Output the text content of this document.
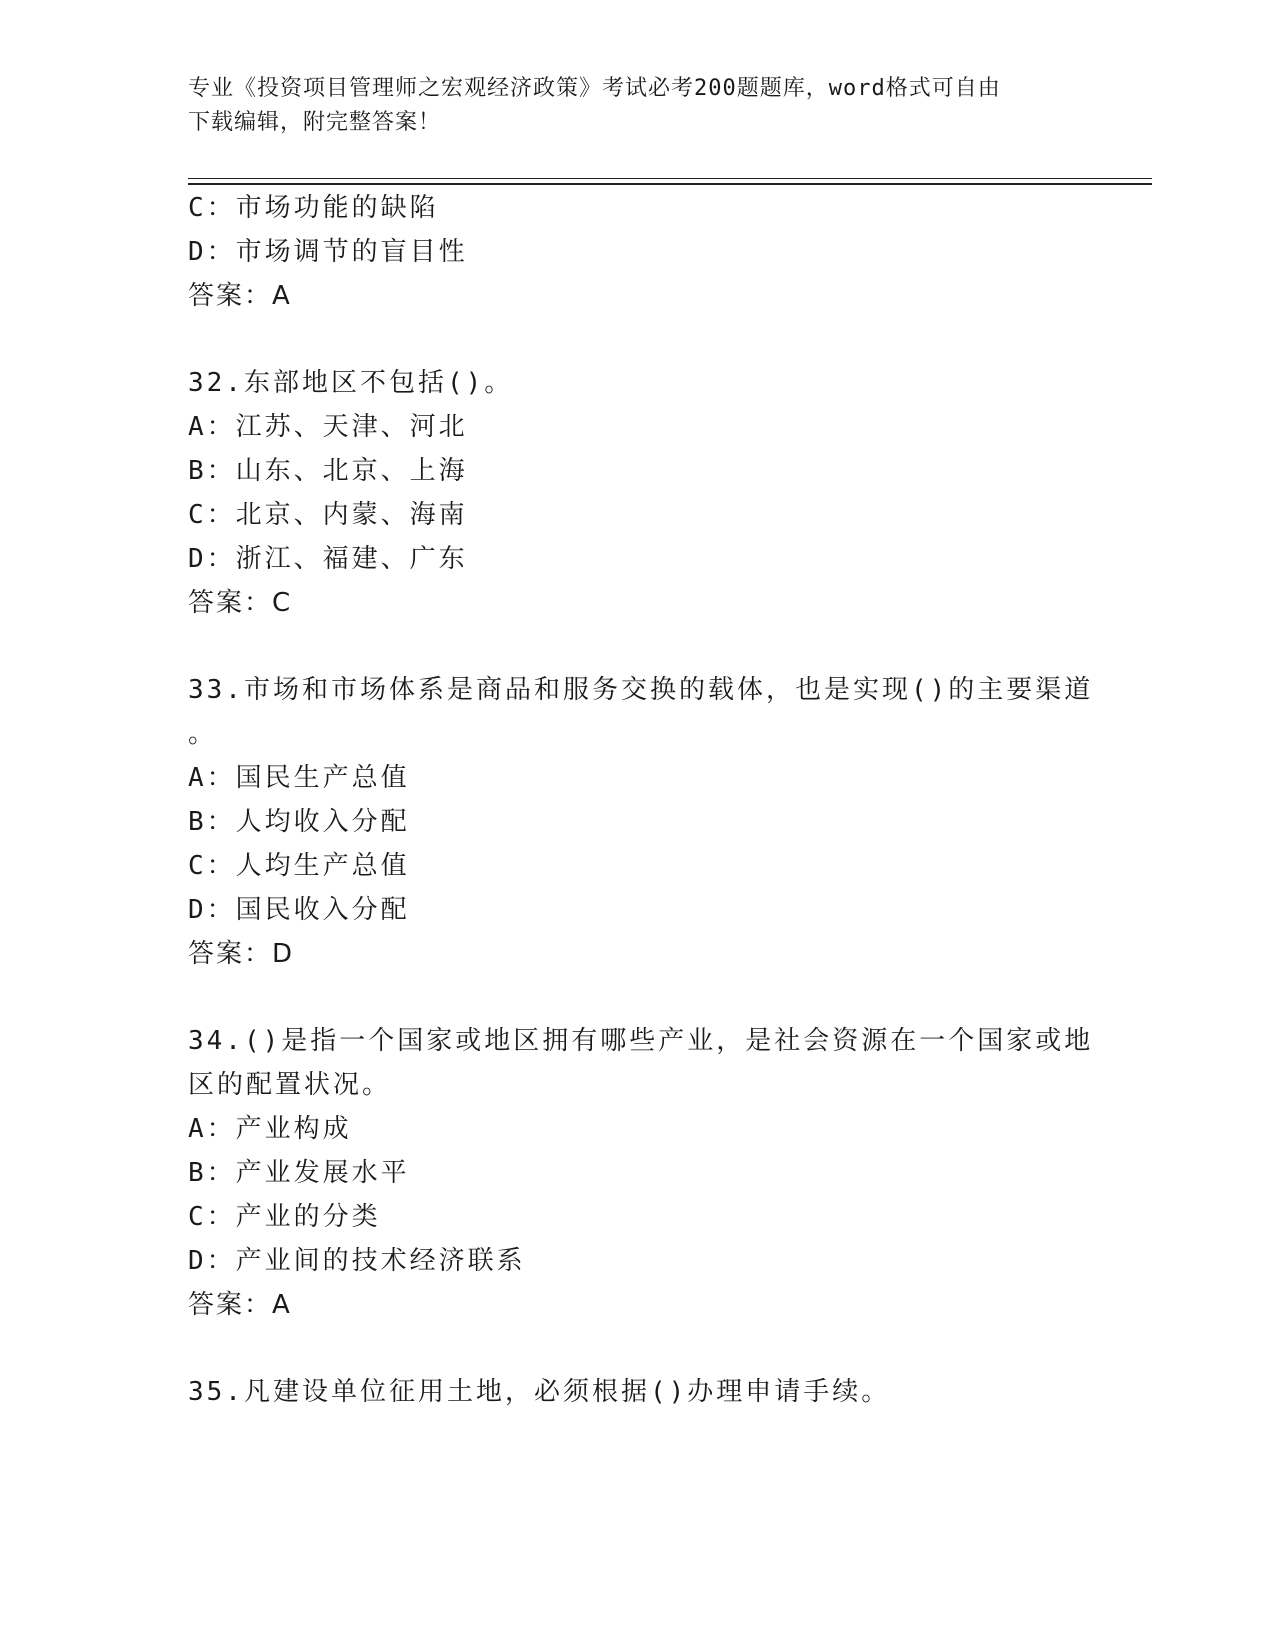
专业《投资项目管理师之宏观经济政策》考试必考200题题库，word格式可自由
下载编辑，附完整答案！
C：市场功能的缺陷
D：市场调节的盲目性
答案：A
32.东部地区不包括()。
A：江苏、天津、河北
B：山东、北京、上海
C：北京、内蒙、海南
D：浙江、福建、广东
答案：C
33.市场和市场体系是商品和服务交换的载体，也是实现()的主要渠道
。
A：国民生产总值
B：人均收入分配
C：人均生产总值
D：国民收入分配
答案：D
34.()是指一个国家或地区拥有哪些产业，是社会资源在一个国家或地
区的配置状况。
A：产业构成
B：产业发展水平
C：产业的分类
D：产业间的技术经济联系
答案：A
35.凡建设单位征用土地，必须根据()办理申请手续。
